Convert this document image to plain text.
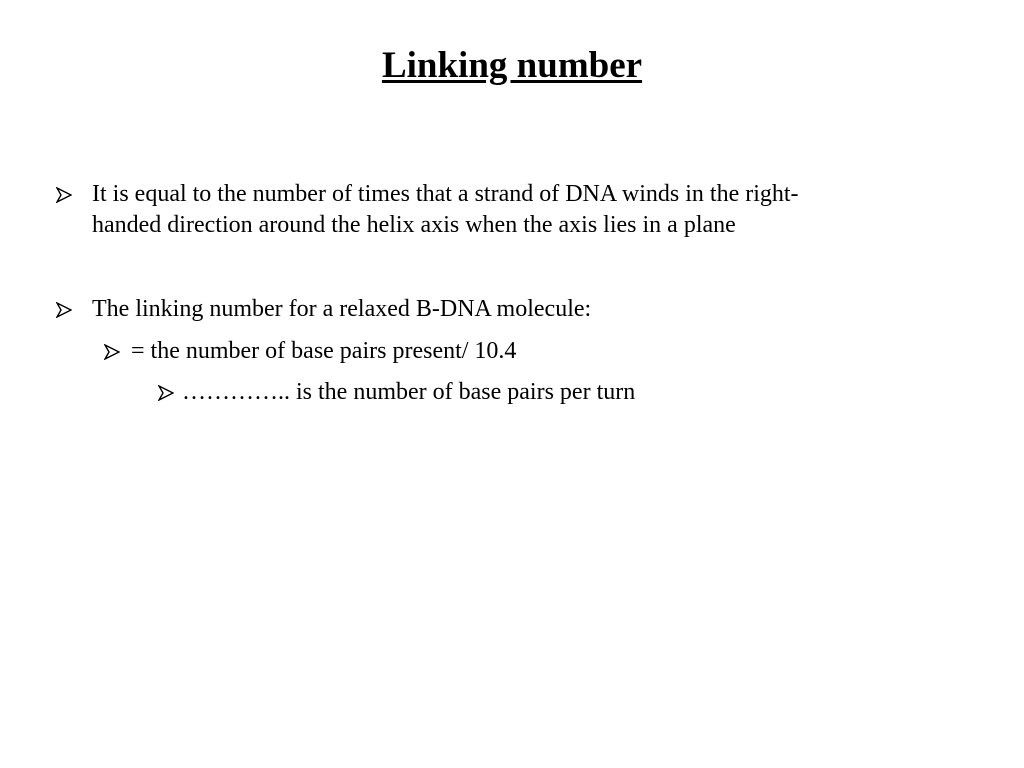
Linking number
It is equal to the number of times that a strand of DNA winds in the right-
handed direction around the helix axis when the axis lies in a plane
The linking number for a relaxed B-DNA molecule:
= the number of base pairs present/ 10.4
………….. is the number of base pairs per turn
